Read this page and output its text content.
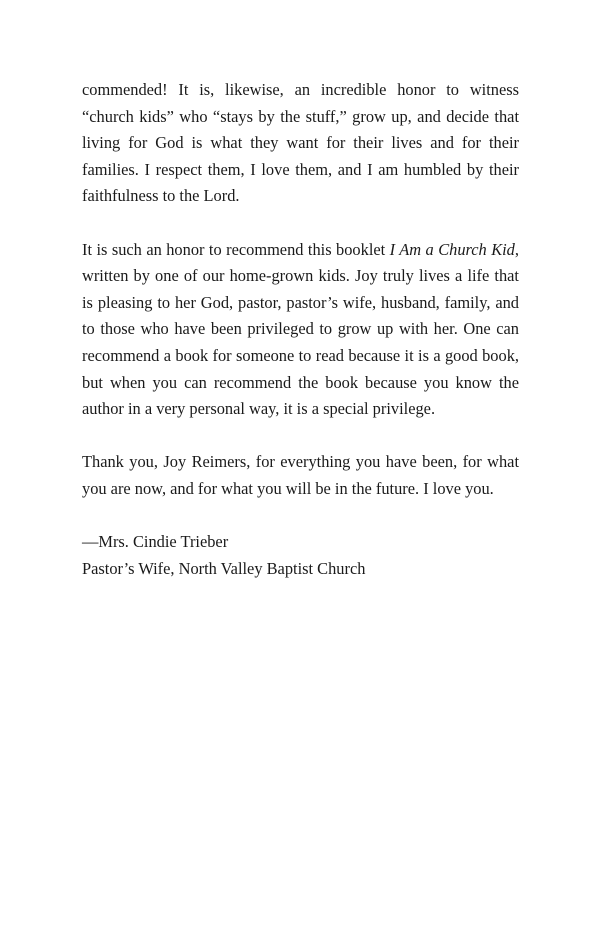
commended! It is, likewise, an incredible honor to witness “church kids” who “stays by the stuff,” grow up, and decide that living for God is what they want for their lives and for their families. I respect them, I love them, and I am humbled by their faithfulness to the Lord.

It is such an honor to recommend this booklet I Am a Church Kid, written by one of our home-grown kids. Joy truly lives a life that is pleasing to her God, pastor, pastor’s wife, husband, family, and to those who have been privileged to grow up with her. One can recommend a book for someone to read because it is a good book, but when you can recommend the book because you know the author in a very personal way, it is a special privilege.

Thank you, Joy Reimers, for everything you have been, for what you are now, and for what you will be in the future. I love you.

—Mrs. Cindie Trieber
Pastor’s Wife, North Valley Baptist Church
